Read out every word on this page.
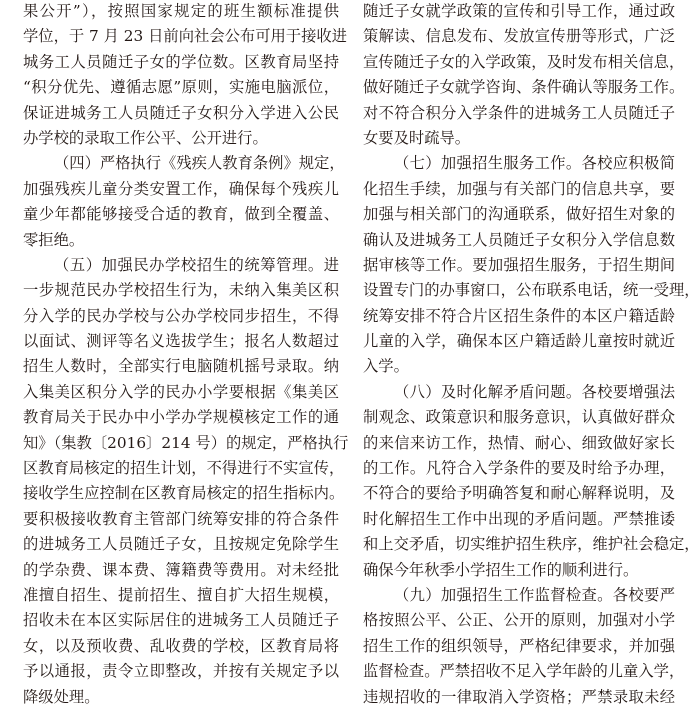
果公开”），按照国家规定的班生额标准提供
学位，于 7 月 23 日前向社会公布可用于接收进
城务工人员随迁子女的学位数。区教育局坚持
“积分优先、遵循志愿”原则，实施电脑派位，
保证进城务工人员随迁子女积分入学进入公民
办学校的录取工作公平、公开进行。
（四）严格执行《残疾人教育条例》规定，
加强残疾儿童分类安置工作，确保每个残疾儿
童少年都能够接受合适的教育，做到全覆盖、
零拒绝。
（五）加强民办学校招生的统筹管理。进
一步规范民办学校招生行为，未纳入集美区积
分入学的民办学校与公办学校同步招生，不得
以面试、测评等名义选拔学生；报名人数超过
招生人数时，全部实行电脑随机摇号录取。纳
入集美区积分入学的民办小学要根据《集美区
教育局关于民办中小学办学规模核定工作的通
知》（集教〔2016〕214 号）的规定，严格执行
区教育局核定的招生计划，不得进行不实宣传，
接收学生应控制在区教育局核定的招生指标内。
要积极接收教育主管部门统筹安排的符合条件
的进城务工人员随迁子女，且按规定免除学生
的学杂费、课本费、簿籍费等费用。对未经批
准擅自招生、提前招生、擅自扩大招生规模，
招收未在本区实际居住的进城务工人员随迁子
女，以及预收费、乱收费的学校，区教育局将
予以通报，责令立即整改，并按有关规定予以
降级处理。
随迁子女就学政策的宣传和引导工作，通过政
策解读、信息发布、发放宣传册等形式，广泛
宣传随迁子女的入学政策，及时发布相关信息，
做好随迁子女就学咨询、条件确认等服务工作。
对不符合积分入学条件的进城务工人员随迁子
女要及时疏导。
（七）加强招生服务工作。各校应积极简
化招生手续，加强与有关部门的信息共享，要
加强与相关部门的沟通联系，做好招生对象的
确认及进城务工人员随迁子女积分入学信息数
据审核等工作。要加强招生服务，于招生期间
设置专门的办事窗口，公布联系电话，统一受理，
统筹安排不符合片区招生条件的本区户籍适龄
儿童的入学，确保本区户籍适龄儿童按时就近
入学。
（八）及时化解矛盾问题。各校要增强法
制观念、政策意识和服务意识，认真做好群众
的来信来访工作，热情、耐心、细致做好家长
的工作。凡符合入学条件的要及时给予办理，
不符合的要给予明确答复和耐心解释说明，及
时化解招生工作中出现的矛盾问题。严禁推诿
和上交矛盾，切实维护招生秩序，维护社会稳定，
确保今年秋季小学招生工作的顺利进行。
（九）加强招生工作监督检查。各校要严
格按照公平、公正、公开的原则，加强对小学
招生工作的组织领导，严格纪律要求，并加强
监督检查。严禁招收不足入学年龄的儿童入学，
违规招收的一律取消入学资格；严禁录取未经
